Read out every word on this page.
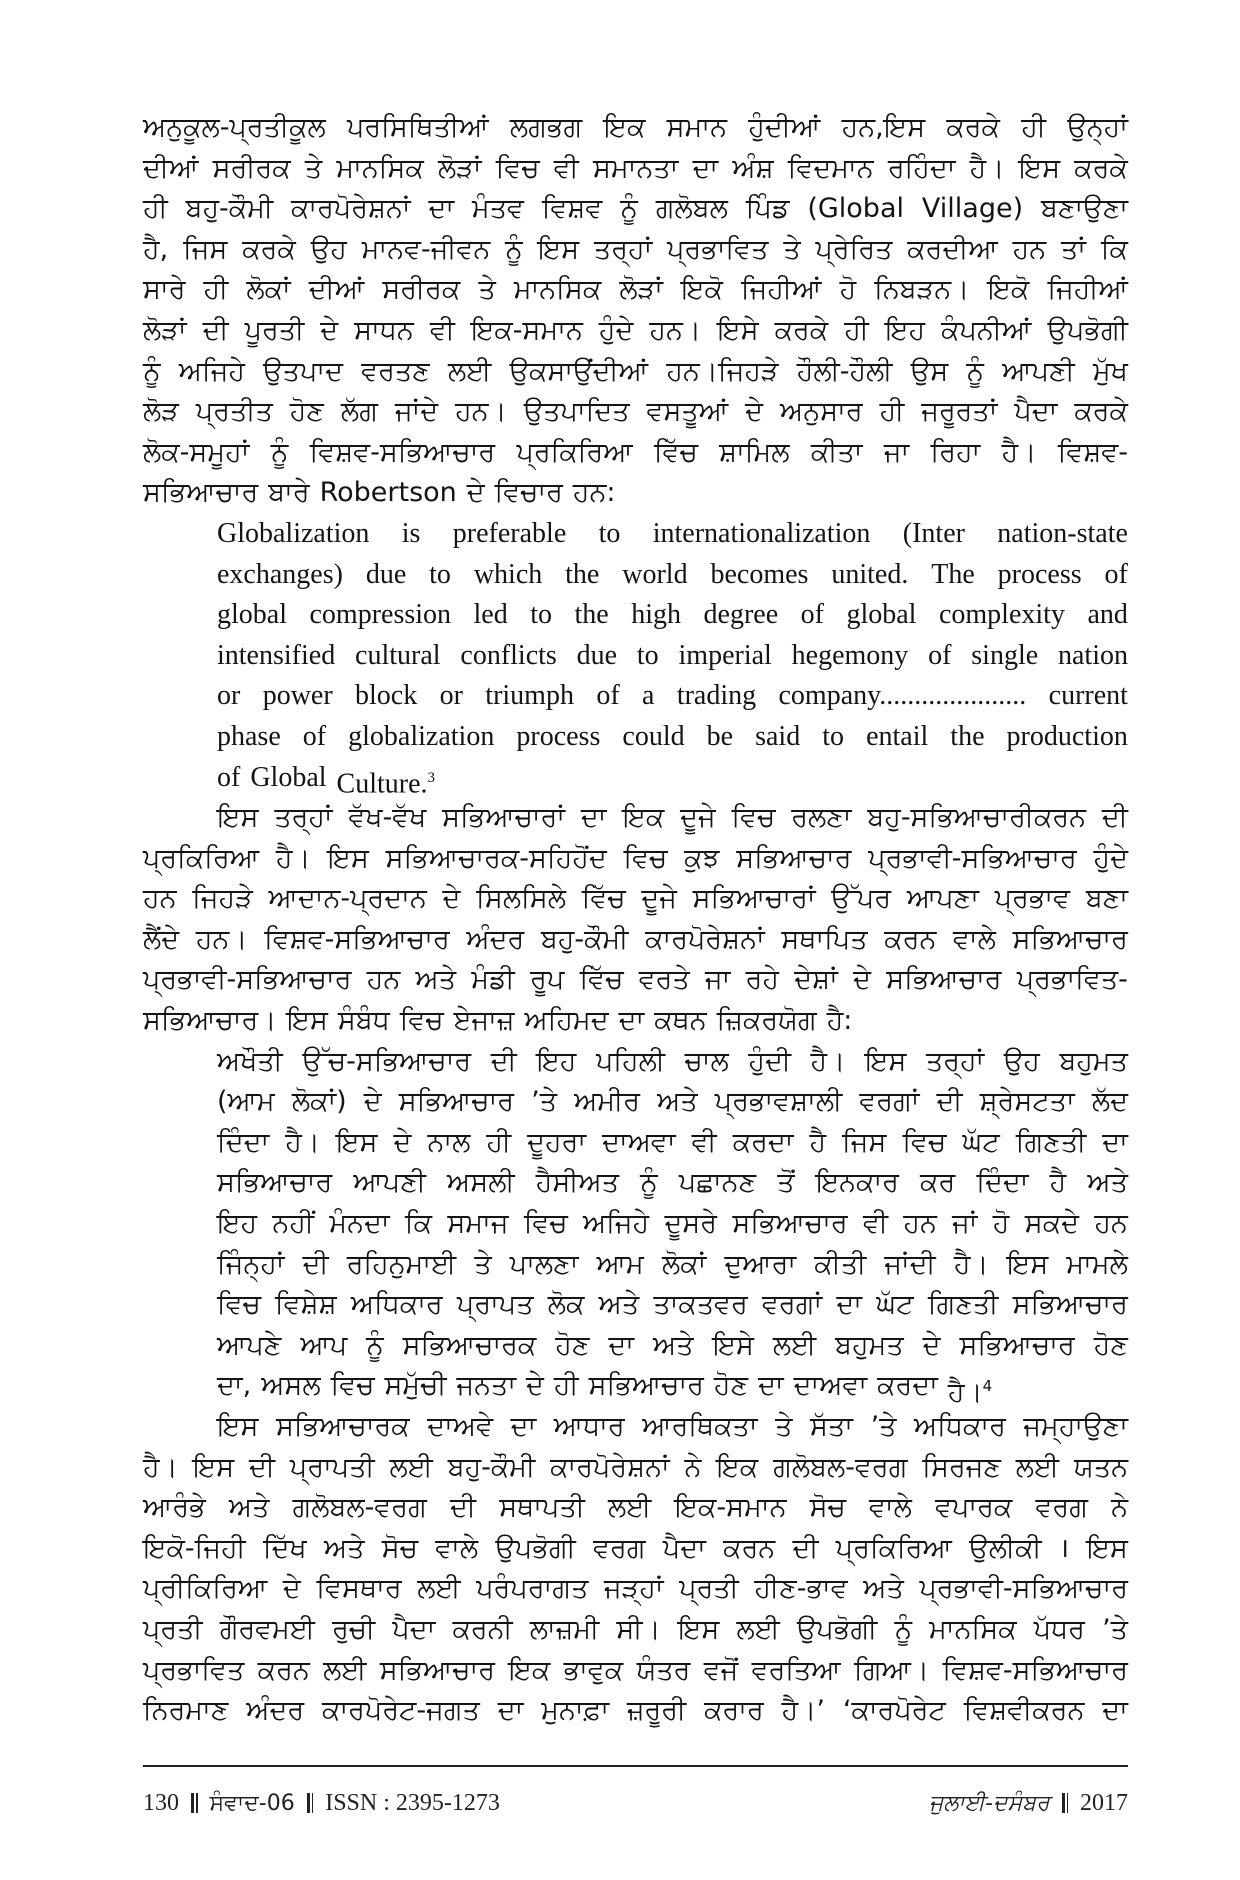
ਅਨੁਕੂਲ-ਪ੍ਰਤੀਕੂਲ ਪਰਸਿਥਿਤੀਆਂ ਲਗਭਗ ਇਕ ਸਮਾਨ ਹੁੰਦੀਆਂ ਹਨ,ਇਸ ਕਰਕੇ ਹੀ ਉਨ੍ਹਾਂ
ਦੀਆਂ ਸਰੀਰਕ ਤੇ ਮਾਨਸਿਕ ਲੋੜਾਂ ਵਿਚ ਵੀ ਸਮਾਨਤਾ ਦਾ ਅੰਸ਼ ਵਿਦਮਾਨ ਰਹਿੰਦਾ ਹੈ। ਇਸ ਕਰਕੇ
ਹੀ ਬਹੁ-ਕੌਮੀ ਕਾਰਪੋਰੇਸ਼ਨਾਂ ਦਾ ਮੰਤਵ ਵਿਸ਼ਵ ਨੂੰ ਗਲੋਬਲ ਪਿੰਡ (Global Village) ਬਣਾਉਣਾ
ਹੈ, ਜਿਸ ਕਰਕੇ ਉਹ ਮਾਨਵ-ਜੀਵਨ ਨੂੰ ਇਸ ਤਰ੍ਹਾਂ ਪ੍ਰਭਾਵਿਤ ਤੇ ਪ੍ਰੇਰਿਤ ਕਰਦੀਆ ਹਨ ਤਾਂ ਕਿ
ਸਾਰੇ ਹੀ ਲੋਕਾਂ ਦੀਆਂ ਸਰੀਰਕ ਤੇ ਮਾਨਸਿਕ ਲੋੜਾਂ ਇਕੋ ਜਿਹੀਆਂ ਹੋ ਨਿਬੜਨ। ਇਕੋ ਜਿਹੀਆਂ
ਲੋੜਾਂ ਦੀ ਪੂਰਤੀ ਦੇ ਸਾਧਨ ਵੀ ਇਕ-ਸਮਾਨ ਹੁੰਦੇ ਹਨ। ਇਸੇ ਕਰਕੇ ਹੀ ਇਹ ਕੰਪਨੀਆਂ ਉਪਭੋਗੀ
ਨੂੰ ਅਜਿਹੇ ਉਤਪਾਦ ਵਰਤਣ ਲਈ ਉਕਸਾਉਂਦੀਆਂ ਹਨ।ਜਿਹੜੇ ਹੌਲੀ-ਹੌਲੀ ਉਸ ਨੂੰ ਆਪਣੀ ਮੁੱਖ
ਲੋੜ ਪ੍ਰਤੀਤ ਹੋਣ ਲੱਗ ਜਾਂਦੇ ਹਨ। ਉਤਪਾਦਿਤ ਵਸਤੂਆਂ ਦੇ ਅਨੁਸਾਰ ਹੀ ਜਰੂਰਤਾਂ ਪੈਦਾ ਕਰਕੇ
ਲੋਕ-ਸਮੂਹਾਂ ਨੂੰ ਵਿਸ਼ਵ-ਸਭਿਆਚਾਰ ਪ੍ਰਕਿਰਿਆ ਵਿੱਚ ਸ਼ਾਮਿਲ ਕੀਤਾ ਜਾ ਰਿਹਾ ਹੈ। ਵਿਸ਼ਵ-
ਸਭਿਆਚਾਰ ਬਾਰੇ Robertson ਦੇ ਵਿਚਾਰ ਹਨ:
Globalization is preferable to internationalization (Inter nation-state
exchanges) due to which the world becomes united. The process of
global compression led to the high degree of global complexity and
intensified cultural conflicts due to imperial hegemony of single nation
or power block or triumph of a trading company..................... current
phase of globalization process could be said to entail the production
of Global Culture.$^3$
ਇਸ ਤਰ੍ਹਾਂ ਵੱਖ-ਵੱਖ ਸਭਿਆਚਾਰਾਂ ਦਾ ਇਕ ਦੂਜੇ ਵਿਚ ਰਲਣਾ ਬਹੁ-ਸਭਿਆਚਾਰੀਕਰਨ ਦੀ
ਪ੍ਰਕਿਰਿਆ ਹੈ। ਇਸ ਸਭਿਆਚਾਰਕ-ਸਹਿਹੋਂਦ ਵਿਚ ਕੁਝ ਸਭਿਆਚਾਰ ਪ੍ਰਭਾਵੀ-ਸਭਿਆਚਾਰ ਹੁੰਦੇ
ਹਨ ਜਿਹੜੇ ਆਦਾਨ-ਪ੍ਰਦਾਨ ਦੇ ਸਿਲਸਿਲੇ ਵਿੱਚ ਦੂਜੇ ਸਭਿਆਚਾਰਾਂ ਉੱਪਰ ਆਪਣਾ ਪ੍ਰਭਾਵ ਬਣਾ
ਲੈਂਦੇ ਹਨ। ਵਿਸ਼ਵ-ਸਭਿਆਚਾਰ ਅੰਦਰ ਬਹੁ-ਕੌਮੀ ਕਾਰਪੋਰੇਸ਼ਨਾਂ ਸਥਾਪਿਤ ਕਰਨ ਵਾਲੇ ਸਭਿਆਚਾਰ
ਪ੍ਰਭਾਵੀ-ਸਭਿਆਚਾਰ ਹਨ ਅਤੇ ਮੰਡੀ ਰੂਪ ਵਿੱਚ ਵਰਤੇ ਜਾ ਰਹੇ ਦੇਸ਼ਾਂ ਦੇ ਸਭਿਆਚਾਰ ਪ੍ਰਭਾਵਿਤ-
ਸਭਿਆਚਾਰ। ਇਸ ਸੰਬੰਧ ਵਿਚ ਏਜਾਜ਼ ਅਹਿਮਦ ਦਾ ਕਥਨ ਜ਼ਿਕਰਯੋਗ ਹੈ:
ਅਖੌਤੀ ਉੱਚ-ਸਭਿਆਚਾਰ ਦੀ ਇਹ ਪਹਿਲੀ ਚਾਲ ਹੁੰਦੀ ਹੈ। ਇਸ ਤਰ੍ਹਾਂ ਉਹ ਬਹੁਮਤ
(ਆਮ ਲੋਕਾਂ) ਦੇ ਸਭਿਆਚਾਰ ’ਤੇ ਅਮੀਰ ਅਤੇ ਪ੍ਰਭਾਵਸ਼ਾਲੀ ਵਰਗਾਂ ਦੀ ਸ਼੍ਰੇਸਟਤਾ ਲੱਦ
ਦਿੰਦਾ ਹੈ। ਇਸ ਦੇ ਨਾਲ ਹੀ ਦੂਹਰਾ ਦਾਅਵਾ ਵੀ ਕਰਦਾ ਹੈ ਜਿਸ ਵਿਚ ਘੱਟ ਗਿਣਤੀ ਦਾ
ਸਭਿਆਚਾਰ ਆਪਣੀ ਅਸਲੀ ਹੈਸੀਅਤ ਨੂੰ ਪਛਾਨਣ ਤੋਂ ਇਨਕਾਰ ਕਰ ਦਿੰਦਾ ਹੈ ਅਤੇ
ਇਹ ਨਹੀਂ ਮੰਨਦਾ ਕਿ ਸਮਾਜ ਵਿਚ ਅਜਿਹੇ ਦੂਸਰੇ ਸਭਿਆਚਾਰ ਵੀ ਹਨ ਜਾਂ ਹੋ ਸਕਦੇ ਹਨ
ਜਿੰਨ੍ਹਾਂ ਦੀ ਰਹਿਨੁਮਾਈ ਤੇ ਪਾਲਣਾ ਆਮ ਲੋਕਾਂ ਦੁਆਰਾ ਕੀਤੀ ਜਾਂਦੀ ਹੈ। ਇਸ ਮਾਮਲੇ
ਵਿਚ ਵਿਸ਼ੇਸ਼ ਅਧਿਕਾਰ ਪ੍ਰਾਪਤ ਲੋਕ ਅਤੇ ਤਾਕਤਵਰ ਵਰਗਾਂ ਦਾ ਘੱਟ ਗਿਣਤੀ ਸਭਿਆਚਾਰ
ਆਪਣੇ ਆਪ ਨੂੰ ਸਭਿਆਚਾਰਕ ਹੋਣ ਦਾ ਅਤੇ ਇਸੇ ਲਈ ਬਹੁਮਤ ਦੇ ਸਭਿਆਚਾਰ ਹੋਣ
ਦਾ, ਅਸਲ ਵਿਚ ਸਮੁੱਚੀ ਜਨਤਾ ਦੇ ਹੀ ਸਭਿਆਚਾਰ ਹੋਣ ਦਾ ਦਾਅਵਾ ਕਰਦਾ ਹੈ।$^4$
ਇਸ ਸਭਿਆਚਾਰਕ ਦਾਅਵੇ ਦਾ ਆਧਾਰ ਆਰਥਿਕਤਾ ਤੇ ਸੱਤਾ ’ਤੇ ਅਧਿਕਾਰ ਜਮ੍ਹਾਉਣਾ
ਹੈ। ਇਸ ਦੀ ਪ੍ਰਾਪਤੀ ਲਈ ਬਹੁ-ਕੌਮੀ ਕਾਰਪੋਰੇਸ਼ਨਾਂ ਨੇ ਇਕ ਗਲੋਬਲ-ਵਰਗ ਸਿਰਜਣ ਲਈ ਯਤਨ
ਆਰੰਭੇ ਅਤੇ ਗਲੋਬਲ-ਵਰਗ ਦੀ ਸਥਾਪਤੀ ਲਈ ਇਕ-ਸਮਾਨ ਸੋਚ ਵਾਲੇ ਵਪਾਰਕ ਵਰਗ ਨੇ
ਇਕੋ-ਜਿਹੀ ਦਿੱਖ ਅਤੇ ਸੋਚ ਵਾਲੇ ਉਪਭੋਗੀ ਵਰਗ ਪੈਦਾ ਕਰਨ ਦੀ ਪ੍ਰਕਿਰਿਆ ਉਲੀਕੀ । ਇਸ
ਪ੍ਰੀਕਿਰਿਆ ਦੇ ਵਿਸਥਾਰ ਲਈ ਪਰੰਪਰਾਗਤ ਜੜ੍ਹਾਂ ਪ੍ਰਤੀ ਹੀਣ-ਭਾਵ ਅਤੇ ਪ੍ਰਭਾਵੀ-ਸਭਿਆਚਾਰ
ਪ੍ਰਤੀ ਗੌਰਵਮਈ ਰੁਚੀ ਪੈਦਾ ਕਰਨੀ ਲਾਜ਼ਮੀ ਸੀ। ਇਸ ਲਈ ਉਪਭੋਗੀ ਨੂੰ ਮਾਨਸਿਕ ਪੱਧਰ ’ਤੇ
ਪ੍ਰਭਾਵਿਤ ਕਰਨ ਲਈ ਸਭਿਆਚਾਰ ਇਕ ਭਾਵੁਕ ਯੰਤਰ ਵਜੋਂ ਵਰਤਿਆ ਗਿਆ। ਵਿਸ਼ਵ-ਸਭਿਆਚਾਰ
ਨਿਰਮਾਣ ਅੰਦਰ ਕਾਰਪੋਰੇਟ-ਜਗਤ ਦਾ ਮੁਨਾਫ਼ਾ ਜ਼ਰੂਰੀ ਕਰਾਰ ਹੈ।’ ‘ਕਾਰਪੋਰੇਟ ਵਿਸ਼ਵੀਕਰਨ ਦਾ
130 ਸੰਵਾਦ-06 ISSN : 2395-1273	ਜੁਲਾਈ-ਦਸੰਬਰ 2017
